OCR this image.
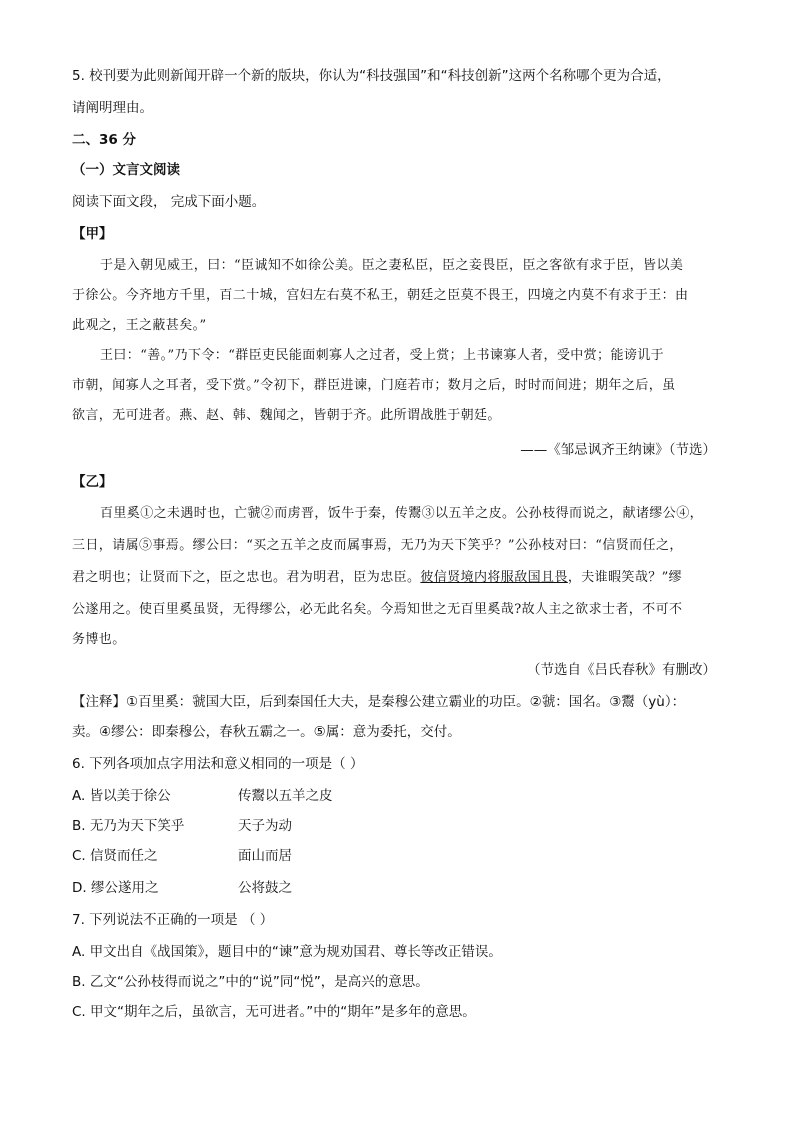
5. 校刊要为此则新闻开辟一个新的版块，你认为“科技强国”和“科技创新”这两个名称哪个更为合适，
请阐明理由。
二、36 分
（一）文言文阅读
阅读下面文段， 完成下面小题。
【甲】
于是入朝见威王，曰：“臣诚知不如徐公美。臣之妻私臣，臣之妾畏臣，臣之客欲有求于臣，皆以美
于徐公。今齐地方千里，百二十城，宫妇左右莫不私王，朝廷之臣莫不畏王，四境之内莫不有求于王：由
此观之，王之蔽甚矣。”
王曰：“善。”乃下令：“群臣吏民能面刺寡人之过者，受上赏；上书谏寡人者，受中赏；能谤讥于
市朝，闻寡人之耳者，受下赏。”令初下，群臣进谏，门庭若市；数月之后，时时而间进；期年之后，虽
欲言，无可进者。燕、赵、韩、魏闻之，皆朝于齐。此所谓战胜于朝廷。
——《邹忌讽齐王纳谏》（节选）
【乙】
百里奚①之未遇时也，亡虢②而虏晋，饭牛于秦，传鬻③以五羊之皮。公孙枝得而说之，献诸缪公④，
三日，请属⑤事焉。缪公曰：“买之五羊之皮而属事焉，无乃为天下笑乎？”公孙枝对曰：“信贤而任之，
君之明也；让贤而下之，臣之忠也。君为明君，臣为忠臣。彼信贤境内将服敌国且畏，夫谁暇笑哉？”缪
公遂用之。使百里奚虽贤，无得缪公，必无此名矣。今焉知世之无百里奚哉?故人主之欲求士者，不可不
务博也。
（节选自《吕氏春秋》有删改）
【注释】①百里奚：虢国大臣，后到秦国任大夫，是秦穆公建立霸业的功臣。②虢：国名。③鬻（yù）：
卖。④缪公：即秦穆公，春秋五霸之一。⑤属：意为委托，交付。
6. 下列各项加点字用法和意义相同的一项是（ ）
A. 皆以美于徐公	传鬻以五羊之皮
B. 无乃为天下笑乎	天子为动
C. 信贤而任之	面山而居
D. 缪公遂用之	公将鼓之
7. 下列说法不正确的一项是 （ ）
A. 甲文出自《战国策》，题目中的“谏”意为规劝国君、尊长等改正错误。
B. 乙文“公孙枝得而说之”中的“说”同“悦”，是高兴的意思。
C. 甲文“期年之后，虽欲言，无可进者。”中的“期年”是多年的意思。
